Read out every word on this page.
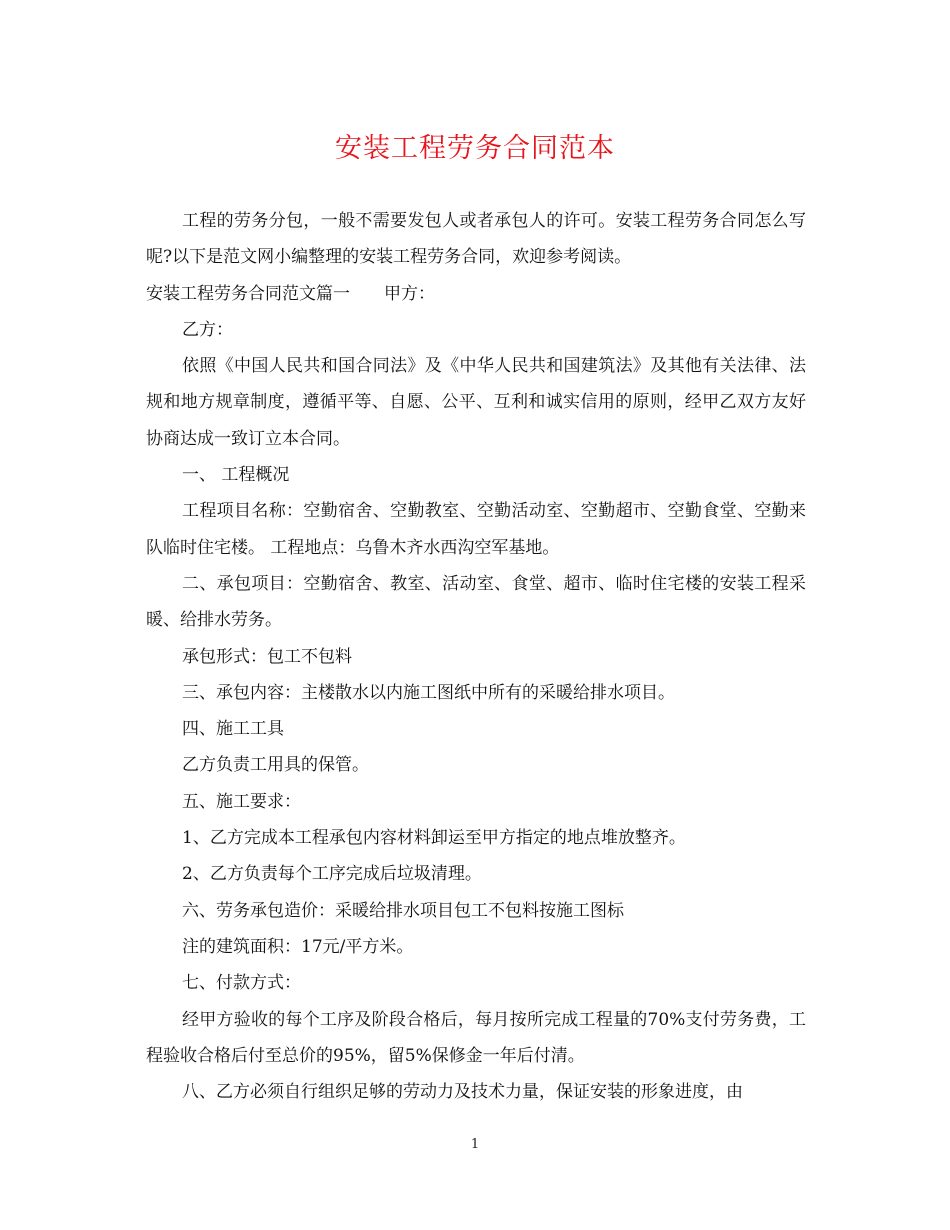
安装工程劳务合同范本

工程的劳务分包，一般不需要发包人或者承包人的许可。安装工程劳务合同怎么写呢?以下是范文网小编整理的安装工程劳务合同，欢迎参考阅读。

安装工程劳务合同范文篇一　　甲方：

乙方：

依照《中国人民共和国合同法》及《中华人民共和国建筑法》及其他有关法律、法规和地方规章制度，遵循平等、自愿、公平、互利和诚实信用的原则，经甲乙双方友好协商达成一致订立本合同。

一、 工程概况

工程项目名称：空勤宿舍、空勤教室、空勤活动室、空勤超市、空勤食堂、空勤来队临时住宅楼。 工程地点：乌鲁木齐水西沟空军基地。

二、承包项目：空勤宿舍、教室、活动室、食堂、超市、临时住宅楼的安装工程采暖、给排水劳务。

承包形式：包工不包料

三、承包内容：主楼散水以内施工图纸中所有的采暖给排水项目。

四、施工工具

乙方负责工用具的保管。

五、施工要求：

1、乙方完成本工程承包内容材料卸运至甲方指定的地点堆放整齐。

2、乙方负责每个工序完成后垃圾清理。

六、劳务承包造价：采暖给排水项目包工不包料按施工图标

注的建筑面积：17元/平方米。

七、付款方式：

经甲方验收的每个工序及阶段合格后，每月按所完成工程量的70%支付劳务费，工程验收合格后付至总价的95%，留5%保修金一年后付清。

八、乙方必须自行组织足够的劳动力及技术力量，保证安装的形象进度，由

1
